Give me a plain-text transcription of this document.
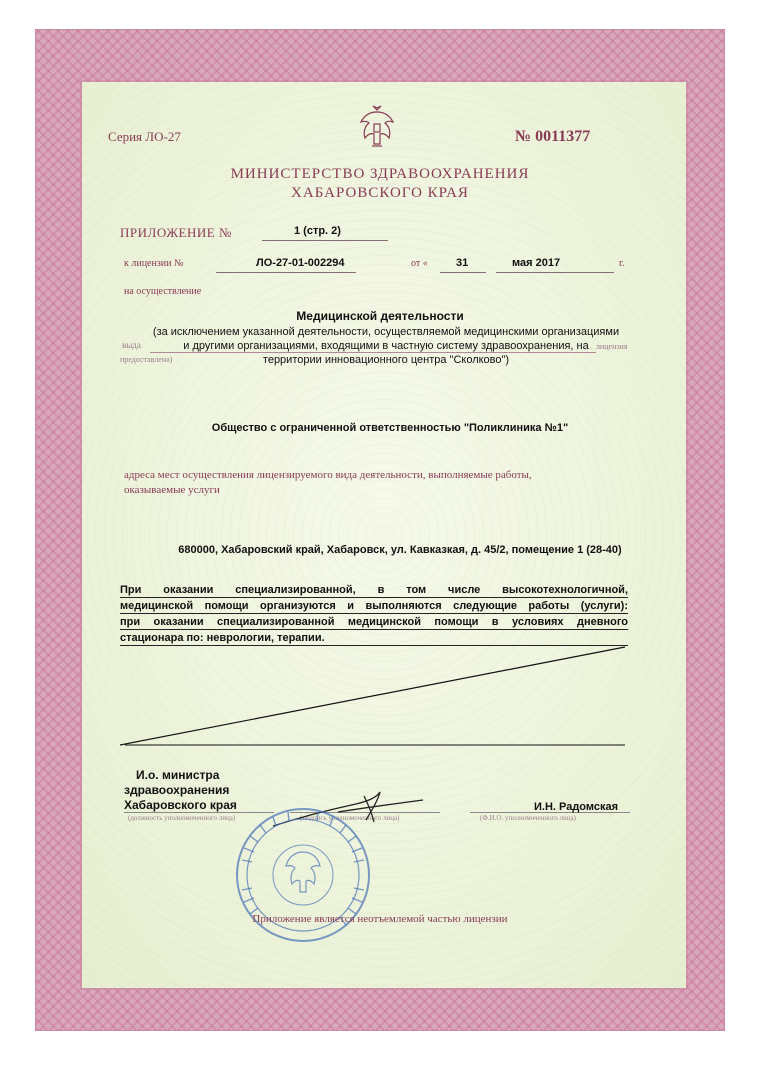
Серия ЛО-27	№ 0011377
МИНИСТЕРСТВО ЗДРАВООХРАНЕНИЯ
ХАБАРОВСКОГО КРАЯ
ПРИЛОЖЕНИЕ №	1 (стр. 2)
к лицензии №	ЛО-27-01-002294	от «	31	мая 2017	г.
на осуществление
Медицинской деятельности
(за исключением указанной деятельности, осуществляемой медицинскими организациями
выда	лицензия
и другими организациями, входящими в частную систему здравоохранения, на
предоставлена)	территории инновационного центра "Сколково")
Общество с ограниченной ответственностью "Поликлиника №1"
адреса мест осуществления лицензируемого вида деятельности, выполняемые работы,
оказываемые услуги
680000, Хабаровский край, Хабаровск, ул. Кавказкая, д. 45/2, помещение 1 (28-40)
При оказании специализированной, в том числе высокотехнологичной,
медицинской помощи организуются и выполняются следующие работы (услуги):
при оказании специализированной медицинской помощи в условиях дневного
стационара по: неврологии, терапии.
И.о. министра
здравоохранения
Хабаровского края	И.Н. Радомская
(должность уполномоченного лица)	(подпись уполномоченного лица)	(Ф.И.О. уполномоченного лица)
Приложение является неотъемлемой частью лицензии
